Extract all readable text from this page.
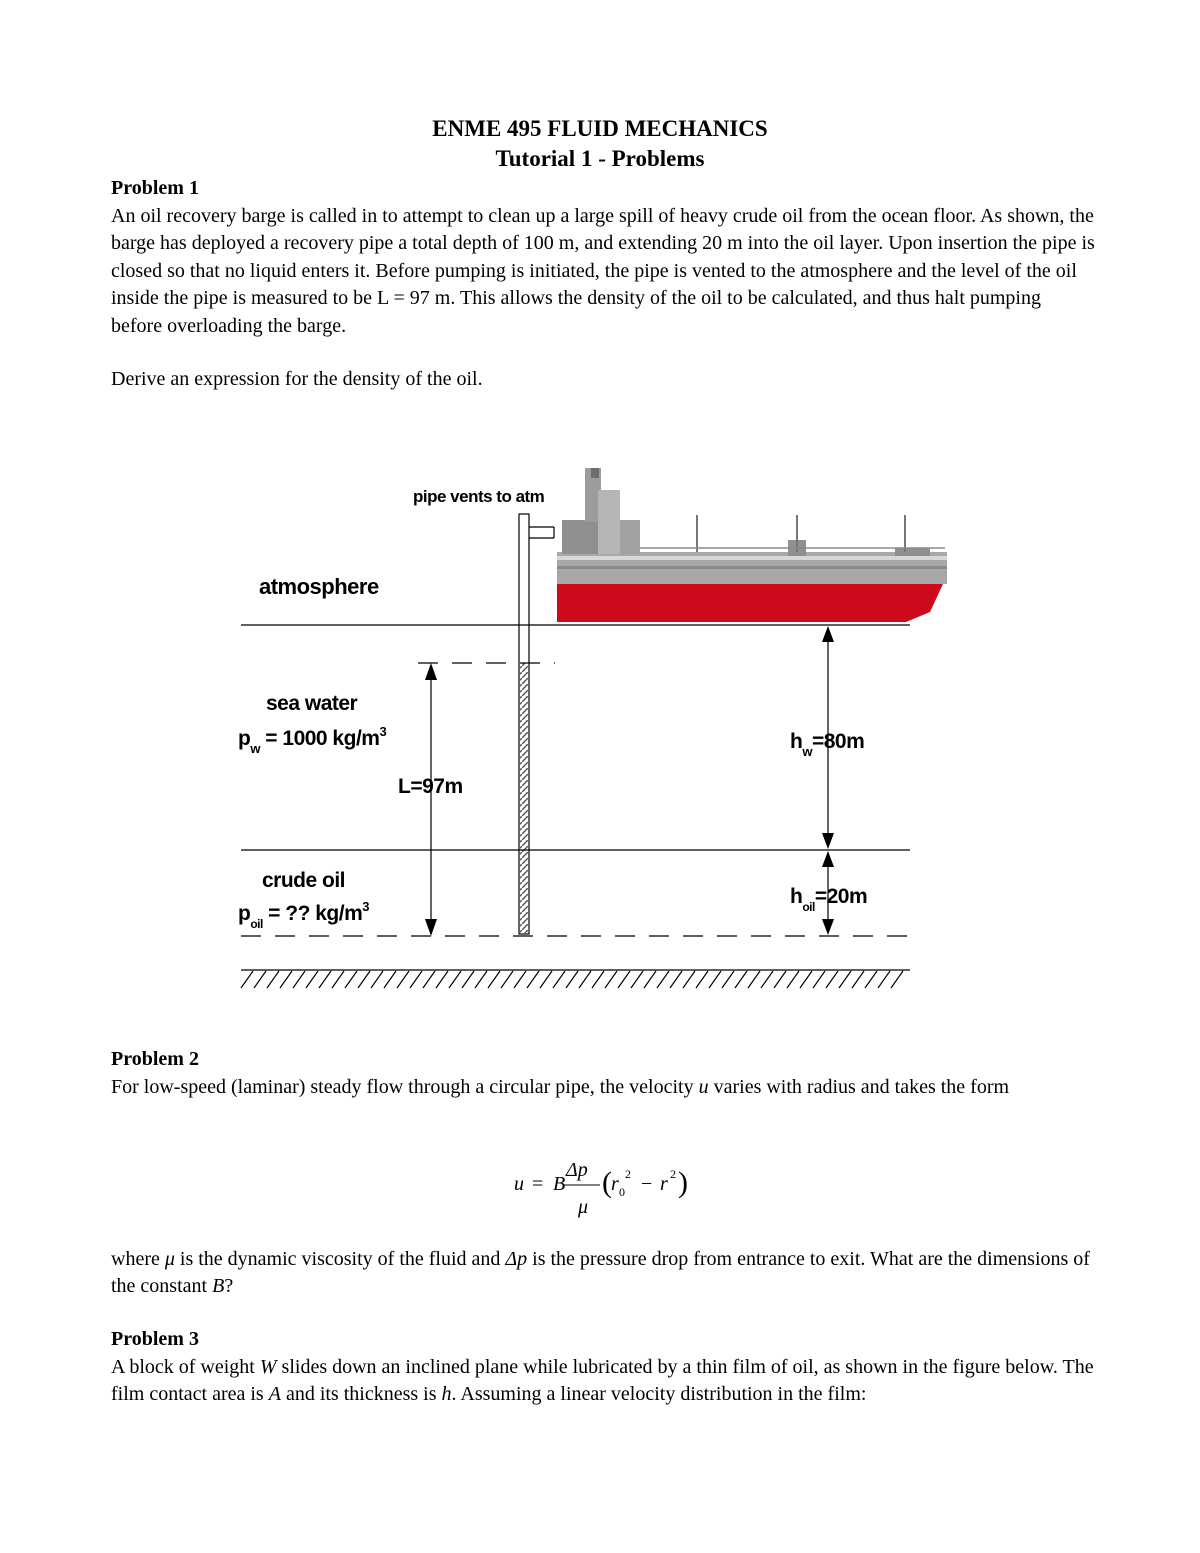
ENME 495 FLUID MECHANICS
Tutorial 1 - Problems
Problem 1

An oil recovery barge is called in to attempt to clean up a large spill of heavy crude oil from the ocean floor. As shown, the barge has deployed a recovery pipe a total depth of 100 m, and extending 20 m into the oil layer. Upon insertion the pipe is closed so that no liquid enters it. Before pumping is initiated, the pipe is vented to the atmosphere and the level of the oil inside the pipe is measured to be L = 97 m. This allows the density of the oil to be calculated, and thus halt pumping before overloading the barge.

Derive an expression for the density of the oil.

pipe vents to atm
atmosphere
sea water
$p_w = 1000$ $kg/m^3$
L=97m
$h_w=80m$
crude oil
$p_{oil}$ = ?? $kg/m^3$	$h_{oil}=20m$
Problem 2

For low-speed (laminar) steady flow through a circular pipe, the velocity u varies with radius and takes the form

u = B
Δp
μ
( r 0
2 − r 2 )

where μ is the dynamic viscosity of the fluid and Δp is the pressure drop from entrance to exit. What are the dimensions of the constant B?

Problem 3

A block of weight W slides down an inclined plane while lubricated by a thin film of oil, as shown in the figure below. The film contact area is A and its thickness is h. Assuming a linear velocity distribution in the film:
